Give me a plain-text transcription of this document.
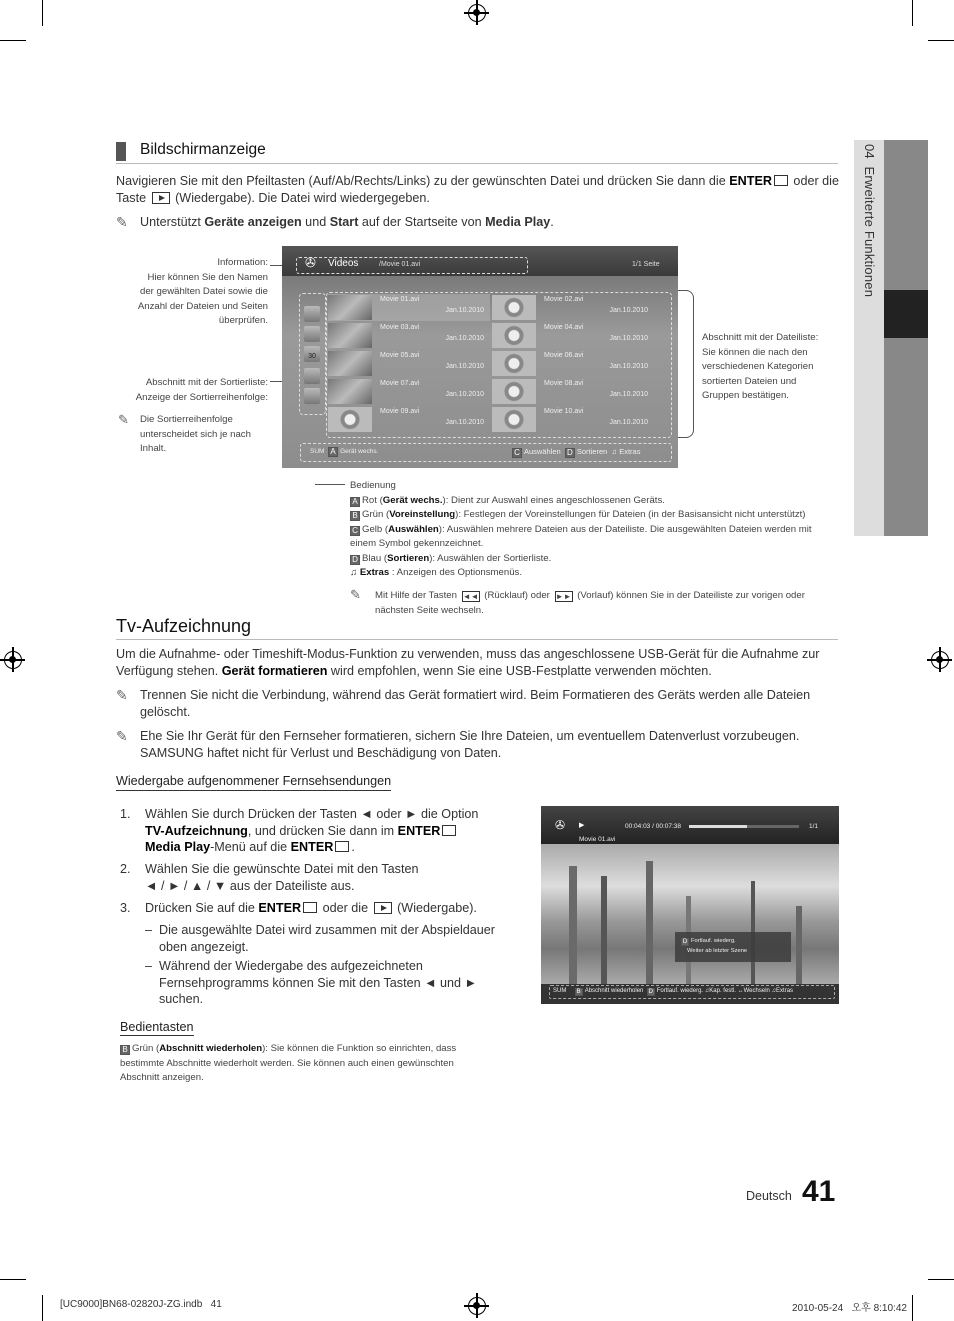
04  Erweiterte Funktionen
Bildschirmanzeige
Navigieren Sie mit den Pfeiltasten (Auf/Ab/Rechts/Links) zu der gewünschten Datei und drücken Sie dann die ENTER oder die Taste  (Wiedergabe). Die Datei wird wiedergegeben.
✎ Unterstützt Geräte anzeigen und Start auf der Startseite von Media Play.
Information:
Hier können Sie den Namen
der gewählten Datei sowie die
Anzahl der Dateien und Seiten
überprüfen.
Abschnitt mit der Sortierliste:
Anzeige der Sortierreihenfolge:
✎ Die Sortierreihenfolge
unterscheidet sich je nach
Inhalt.
Abschnitt mit der Dateiliste:
Sie können die nach den
verschiedenen Kategorien
sortierten Dateien und
Gruppen bestätigen.
✇ Videos	/Movie 01.avi	1/1 Seite
30
Movie 01.avi
Jan.10.2010
Movie 02.avi
Jan.10.2010
Movie 03.avi
Jan.10.2010
Movie 04.avi
Jan.10.2010
Movie 05.avi
Jan.10.2010
Movie 06.avi
Jan.10.2010
Movie 07.avi
Jan.10.2010
Movie 08.avi
Jan.10.2010
Movie 09.avi
Jan.10.2010
Movie 10.avi
Jan.10.2010
SUM A Gerät wechs.	C Auswählen D Sortieren ♫ Extras
Bedienung
A Rot (Gerät wechs.): Dient zur Auswahl eines angeschlossenen Geräts.
B Grün (Voreinstellung): Festlegen der Voreinstellungen für Dateien (in der Basisansicht nicht unterstützt)
C Gelb (Auswählen): Auswählen mehrere Dateien aus der Dateiliste. Die ausgewählten Dateien werden mit
einem Symbol gekennzeichnet.
D Blau (Sortieren): Auswählen der Sortierliste.
♫ Extras : Anzeigen des Optionsmenüs.
✎ Mit Hilfe der Tasten ◄◄ (Rücklauf) oder ►► (Vorlauf) können Sie in der Dateiliste zur vorigen oder
nächsten Seite wechseln.
Tv-Aufzeichnung
Um die Aufnahme- oder Timeshift-Modus-Funktion zu verwenden, muss das angeschlossene USB-Gerät für die Aufnahme zur
Verfügung stehen. Gerät formatieren wird empfohlen, wenn Sie eine USB-Festplatte verwenden möchten.
✎ Trennen Sie nicht die Verbindung, während das Gerät formatiert wird. Beim Formatieren des Geräts werden alle Dateien
gelöscht.
✎ Ehe Sie Ihr Gerät für den Fernseher formatieren, sichern Sie Ihre Dateien, um eventuellem Datenverlust vorzubeugen.
SAMSUNG haftet nicht für Verlust und Beschädigung von Daten.
Wiedergabe aufgenommener Fernsehsendungen
1. Wählen Sie durch Drücken der Tasten ◄ oder ► die Option
TV-Aufzeichnung, und drücken Sie dann im ENTER
Media Play-Menü auf die ENTER .
2. Wählen Sie die gewünschte Datei mit den Tasten
◄ / ► / ▲ / ▼ aus der Dateiliste aus.
3.	Drücken Sie auf die ENTER oder die  (Wiedergabe).
– Die ausgewählte Datei wird zusammen mit der Abspieldauer
oben angezeigt.
– Während der Wiedergabe des aufgezeichneten
Fernsehprogramms können Sie mit den Tasten ◄ und ►
suchen.
Bedientasten
B Grün (Abschnitt wiederholen): Sie können die Funktion so einrichten, dass
bestimmte Abschnitte wiederholt werden. Sie können auch einen gewünschten
Abschnitt anzeigen.
✇ ▶	00:04:03 / 00:07:38	1/1
Movie 01.avi
D Fortlauf. wiederg.
Weiter ab letzter Szene
SUM B Abschnitt wiederholen D Fortlauf. wiederg. ♫Kap. festl. ↔Wechseln ♫Extras
Deutsch 41
[UC9000]BN68-02820J-ZG.indb   41	2010-05-24   오후 8:10:42
